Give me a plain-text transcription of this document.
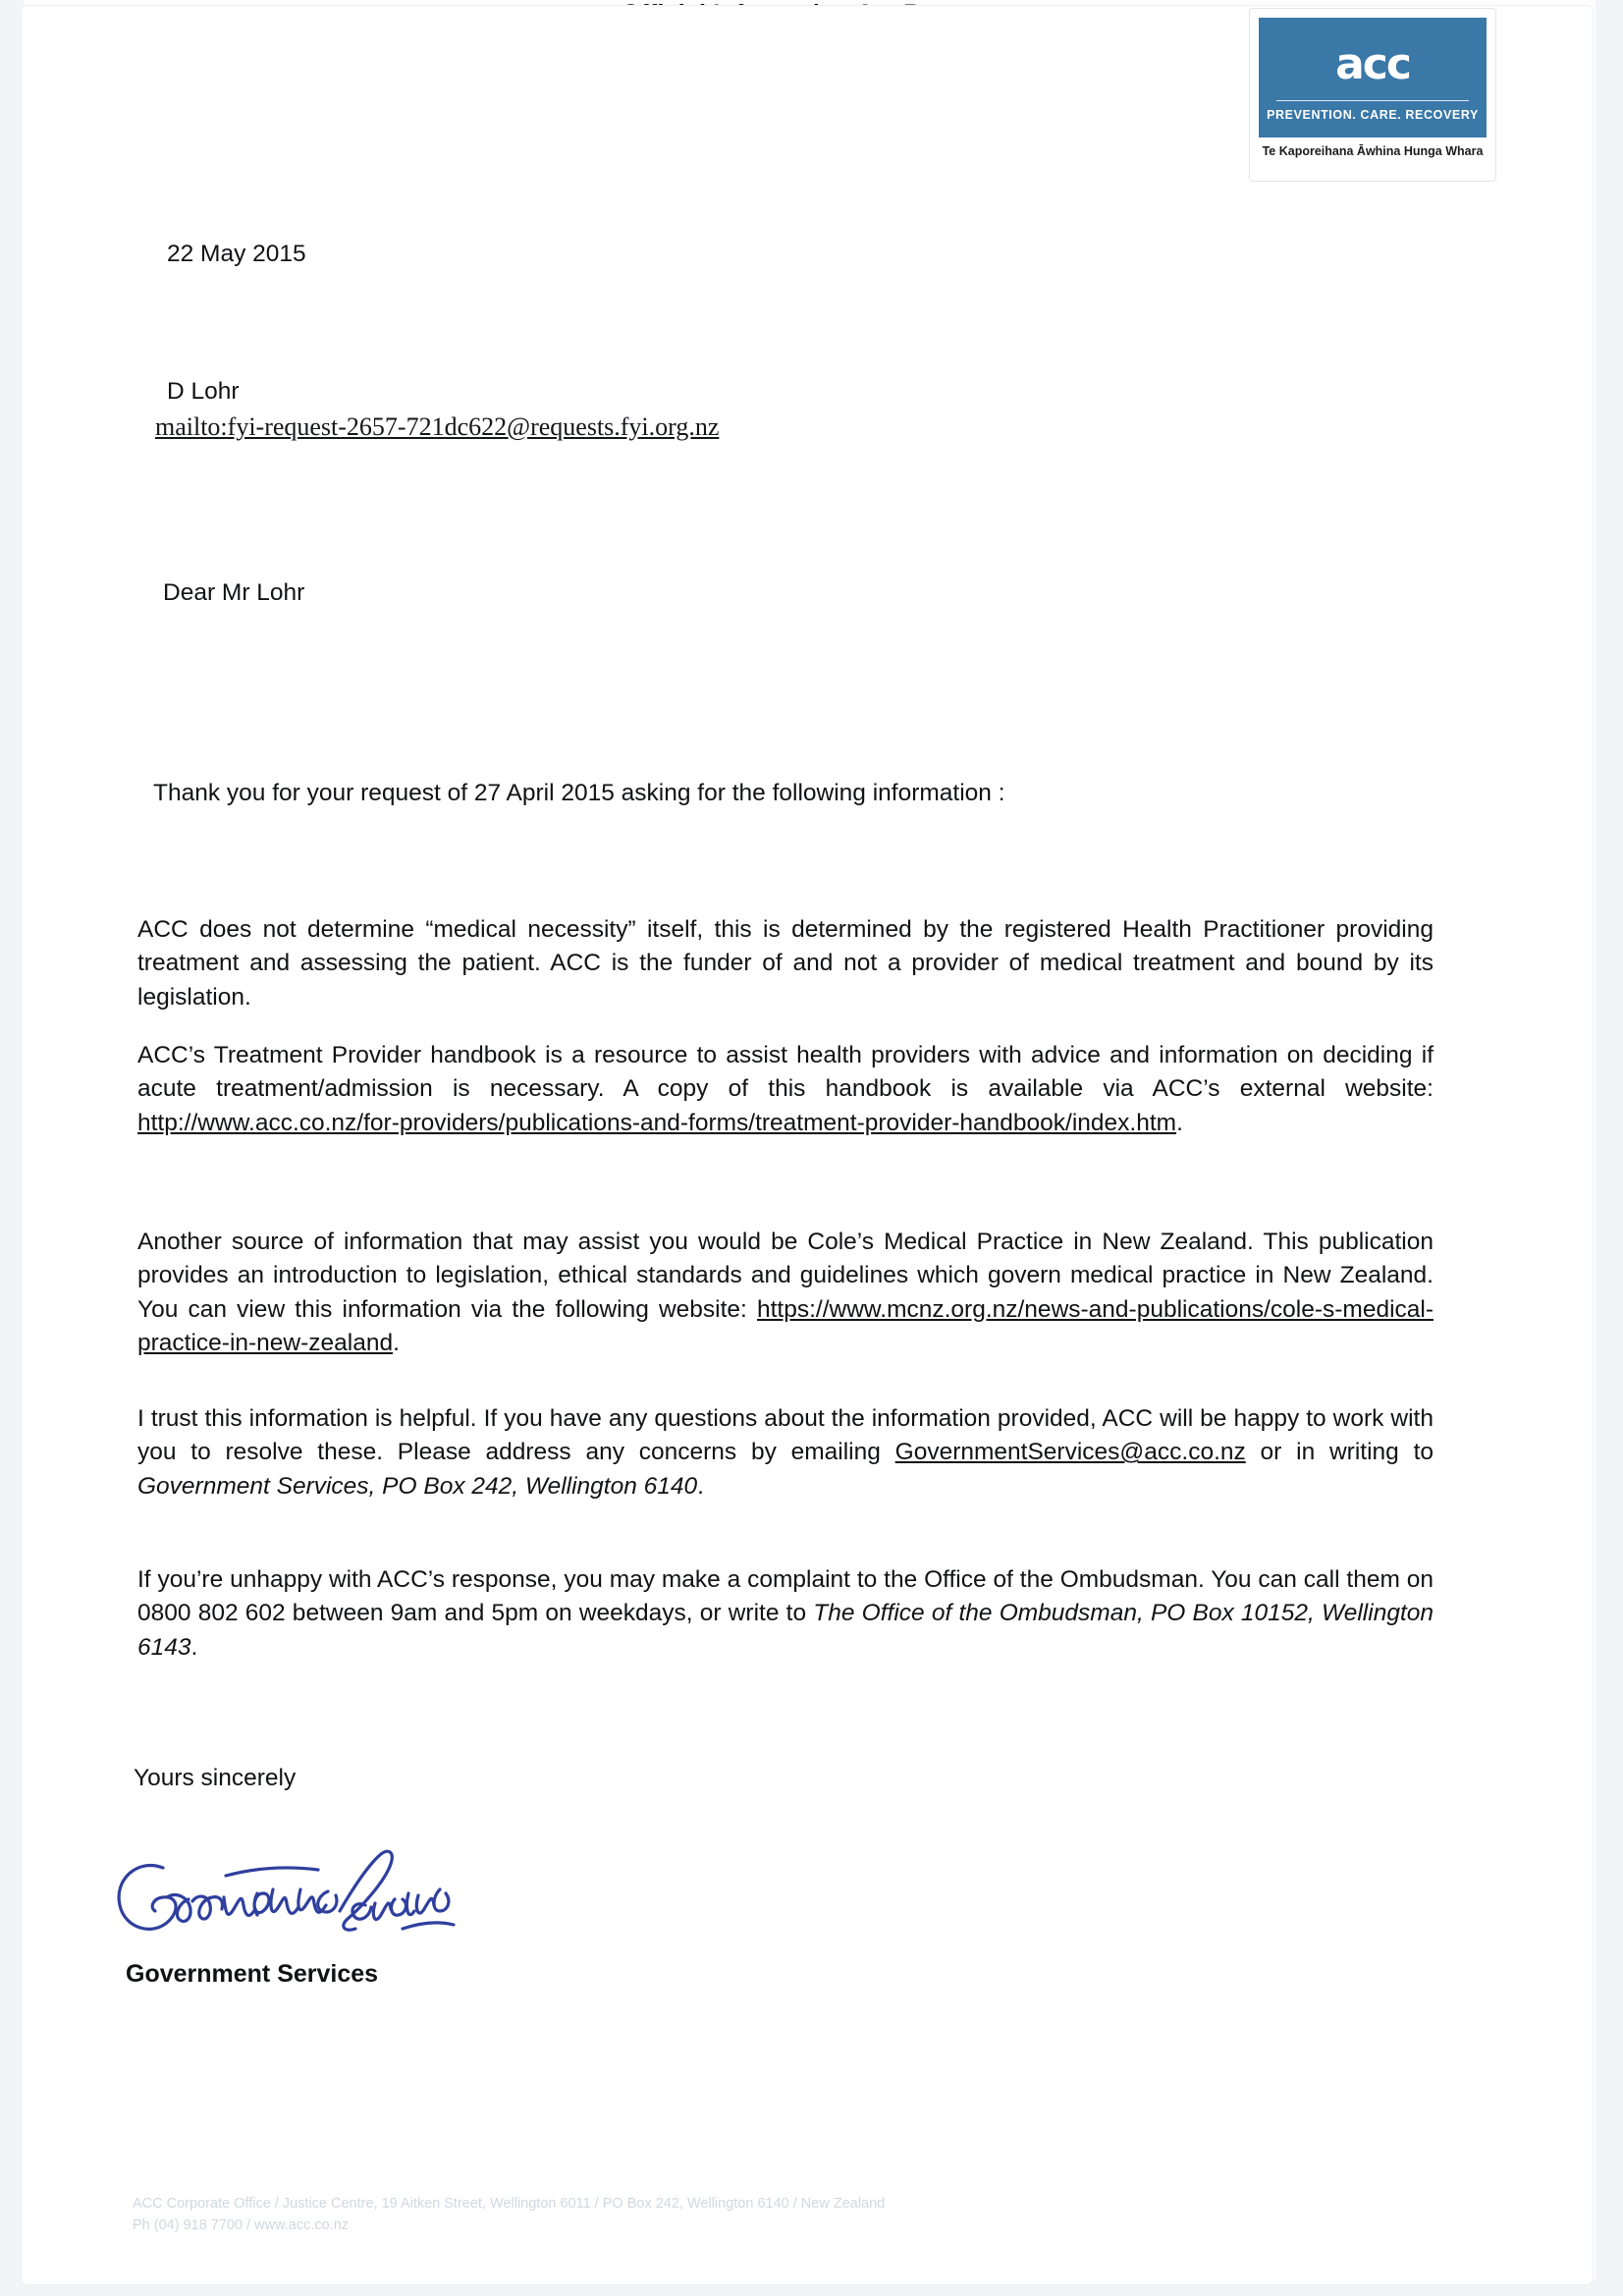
acc
PREVENTION. CARE. RECOVERY
Te Kaporeihana Āwhina Hunga Whara
22 May 2015
D Lohr
mailto:fyi-request-2657-721dc622@requests.fyi.org.nz
Dear Mr Lohr
Thank you for your request of 27 April 2015 asking for the following information :
ACC does not determine “medical necessity” itself, this is determined by the registered Health Practitioner providing treatment and assessing the patient. ACC is the funder of and not a provider of medical treatment and bound by its legislation.
ACC’s Treatment Provider handbook is a resource to assist health providers with advice and information on deciding if acute treatment/admission is necessary. A copy of this handbook is available via ACC’s external website: http://www.acc.co.nz/for-providers/publications-and-forms/treatment-provider-handbook/index.htm.
Another source of information that may assist you would be Cole’s Medical Practice in New Zealand. This publication provides an introduction to legislation, ethical standards and guidelines which govern medical practice in New Zealand. You can view this information via the following website: https://www.mcnz.org.nz/news-and-publications/cole-s-medical-practice-in-new-zealand.
I trust this information is helpful. If you have any questions about the information provided, ACC will be happy to work with you to resolve these. Please address any concerns by emailing GovernmentServices@acc.co.nz or in writing to Government Services, PO Box 242, Wellington 6140.
If you’re unhappy with ACC’s response, you may make a complaint to the Office of the Ombudsman. You can call them on 0800 802 602 between 9am and 5pm on weekdays, or write to The Office of the Ombudsman, PO Box 10152, Wellington 6143.
Yours sincerely
Government Services
ACC Corporate Office / Justice Centre, 19 Aitken Street, Wellington 6011 / PO Box 242, Wellington 6140 / New Zealand
Ph (04) 918 7700 / www.acc.co.nz
